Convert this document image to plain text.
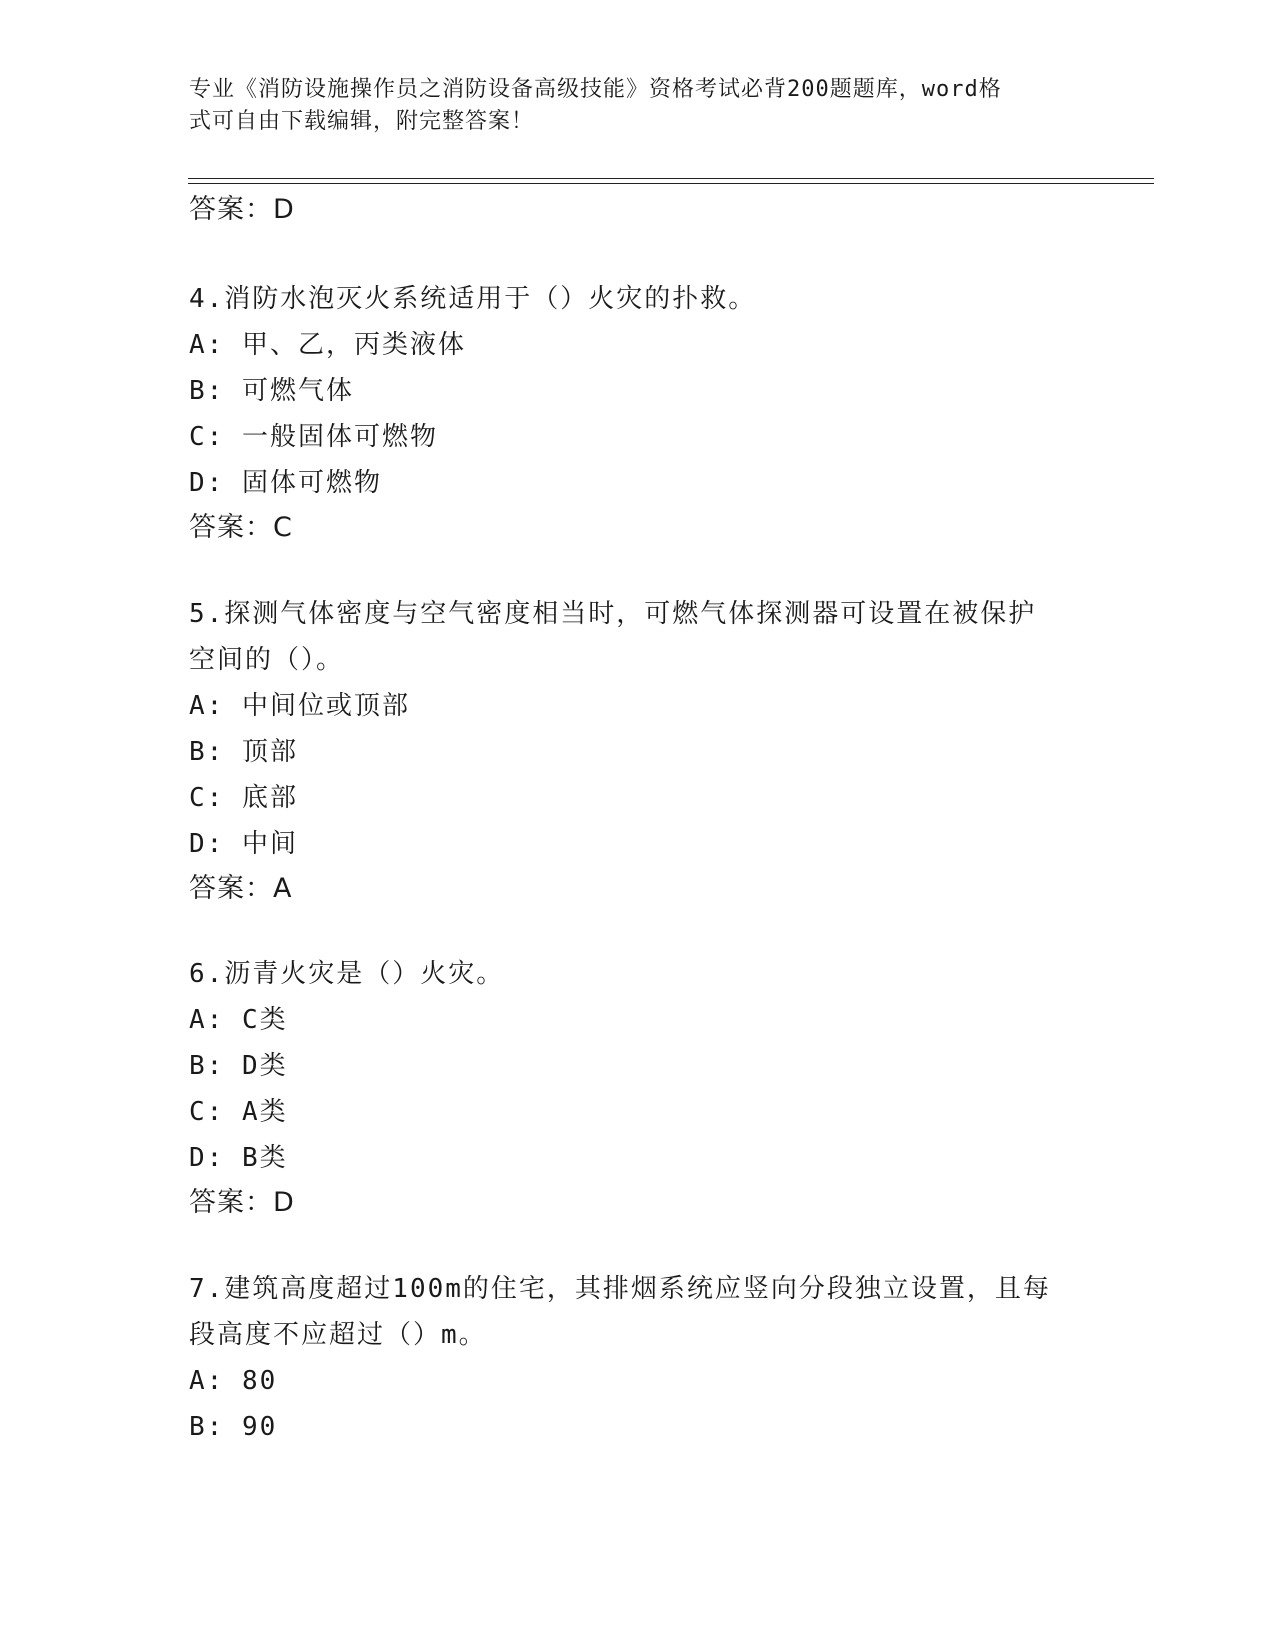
专业《消防设施操作员之消防设备高级技能》资格考试必背200题题库，word格
式可自由下载编辑，附完整答案！
答案：D
4.消防水泡灭火系统适用于（）火灾的扑救。
A: 甲、乙，丙类液体
B: 可燃气体
C: 一般固体可燃物
D: 固体可燃物
答案：C
5.探测气体密度与空气密度相当时，可燃气体探测器可设置在被保护
空间的（）。
A: 中间位或顶部
B: 顶部
C: 底部
D: 中间
答案：A
6.沥青火灾是（）火灾。
A: C类
B: D类
C: A类
D: B类
答案：D
7.建筑高度超过100m的住宅，其排烟系统应竖向分段独立设置，且每
段高度不应超过（）m。
A: 80
B: 90
